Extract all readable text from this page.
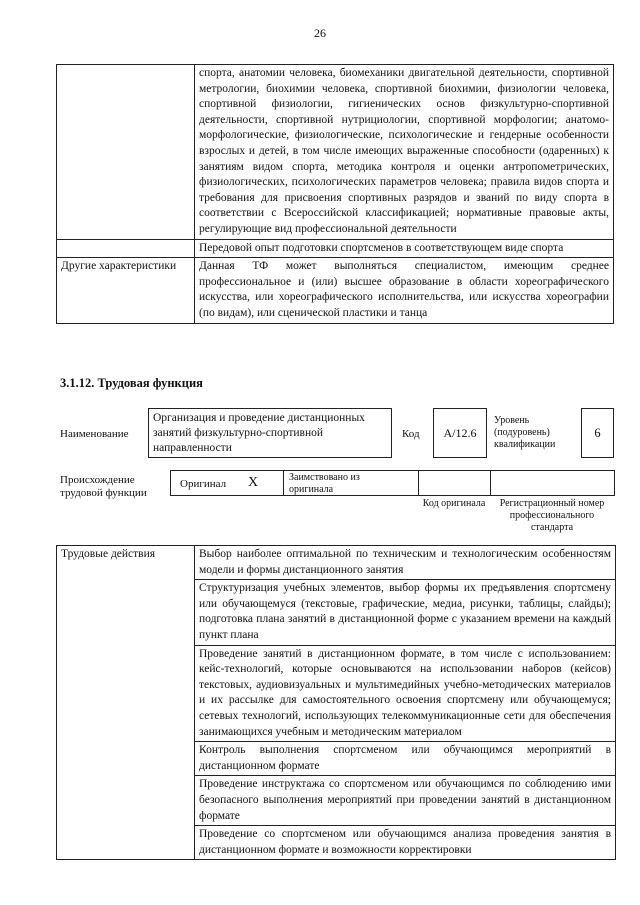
26
	спорта, анатомии человека, биомеханики двигательной деятельности, спортивной метрологии, биохимии человека, спортивной биохимии, физиологии человека, спортивной физиологии, гигиенических основ физкультурно-спортивной деятельности, спортивной нутрициологии, спортивной морфологии; анатомо-морфологические, физиологические, психологические и гендерные особенности взрослых и детей, в том числе имеющих выраженные способности (одаренных) к занятиям видом спорта, методика контроля и оценки антропометрических, физиологических, психологических параметров человека; правила видов спорта и требования для присвоения спортивных разрядов и званий по виду спорта в соответствии с Всероссийской классификацией; нормативные правовые акты, регулирующие вид профессиональной деятельности
	Передовой опыт подготовки спортсменов в соответствующем виде спорта
Другие характеристики	Данная ТФ может выполняться специалистом, имеющим среднее профессиональное и (или) высшее образование в области хореографического искусства, или хореографического исполнительства, или искусства хореографии (по видам), или сценической пластики и танца
3.1.12. Трудовая функция
Наименование
Организация и проведение дистанционных занятий физкультурно-спортивной направленности
Код A/12.6
Уровень (подуровень) квалификации
6
Происхождение трудовой функции
Оригинал X	Заимствовано из оригинала
Код оригинала	Регистрационный номер профессионального стандарта
Трудовые действия	Выбор наиболее оптимальной по техническим и технологическим особенностям модели и формы дистанционного занятия
Структуризация учебных элементов, выбор формы их предъявления спортсмену или обучающемуся (текстовые, графические, медиа, рисунки, таблицы, слайды); подготовка плана занятий в дистанционной форме с указанием времени на каждый пункт плана
Проведение занятий в дистанционном формате, в том числе с использованием: кейс-технологий, которые основываются на использовании наборов (кейсов) текстовых, аудиовизуальных и мультимедийных учебно-методических материалов и их рассылке для самостоятельного освоения спортсмену или обучающемуся; сетевых технологий, использующих телекоммуникационные сети для обеспечения занимающихся учебным и методическим материалом
Контроль выполнения спортсменом или обучающимся мероприятий в дистанционном формате
Проведение инструктажа со спортсменом или обучающимся по соблюдению ими безопасного выполнения мероприятий при проведении занятий в дистанционном формате
Проведение со спортсменом или обучающимся анализа проведения занятия в дистанционном формате и возможности корректировки
